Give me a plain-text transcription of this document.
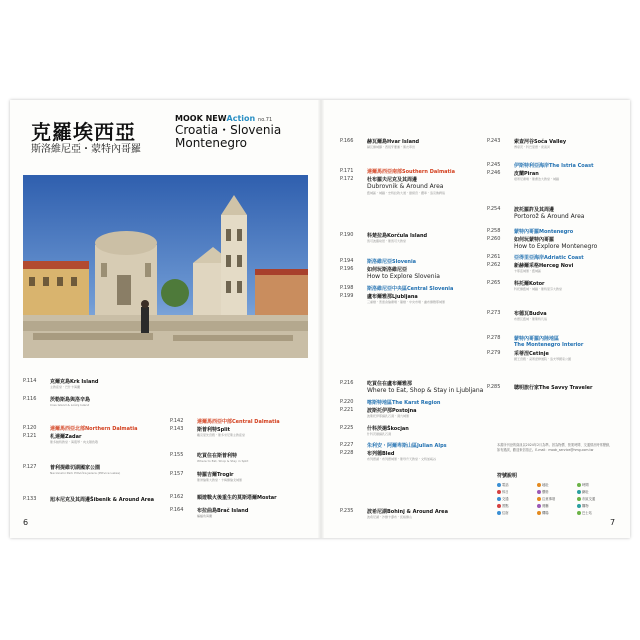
克羅埃西亞
斯洛維尼亞・蒙特內哥羅
MOOK NEWAction no.71
Croatia・Slovenia
Montenegro
P.114	克爾克島Krk Island
主教座堂・巴什卡海灘
P.116	茨勒斯島與洛辛島
Cres Island & Lošinj Island
P.120	達爾馬西亞北部Northern Dalmatia
P.121	札達爾Zadar
聖多納特教堂・海風琴・向太陽致敬
P.127	普利提維切湖國家公園
Nacionalni Park Plitvička Jezera (Plitvice Lakes)
P.133	旭本尼克及其周邊Šibenik & Around Area
P.142	達爾馬西亞中部Central Dalmatia
P.143	斯普利特Split
戴克里先宮殿・聖多米尼斯主教座堂
P.155	吃買住在斯普利特
Where to Eat, Shop & Stay in Split
P.157	特羅吉爾Trogir
聖勞倫斯大教堂・卡梅爾倫戈城堡
P.162	順遊戰火後重生的莫斯塔爾Mostar
P.164	布拉曲島Brač Island
蝙蝠角海灘
P.166	赫瓦爾島Hvar Island
赫瓦爾城鎮・西班牙要塞・薰衣草田
P.171	達爾馬西亞南部Southern Dalmatia
P.172	杜布羅夫尼克及其周邊
Dubrovnik & Around Area
舊城區・城牆・史特拉敦大道・總督宮・纜車・洛克魯姆島
P.190	科楚拉島Korčula Island
馬可波羅故居・聖馬可大教堂
P.194	斯洛維尼亞Slovenia
P.196	如何玩斯洛維尼亞
How to Explore Slovenia
P.198	斯洛維尼亞中央區Central Slovenia
P.199	盧布爾雅那Ljubljana
三重橋・普雷舍倫廣場・龍橋・中央市場・盧布爾雅那城堡
P.216	吃買住在盧布爾雅那
Where to Eat, Shop & Stay in Ljubljana
P.220	喀斯特地區The Karst Region
P.221	波斯托伊那Postojna
波斯托伊那鐘乳石洞・洞穴城堡
P.225	什科茨揚Škocjan
什科茨揚鐘乳石洞
P.227	朱利安・阿爾卑斯山區Julian Alps
P.228	布列德Bled
布列德湖・布列德城堡・聖母升天教堂・文特加峽谷
P.235	波希尼湖Bohinj & Around Area
波希尼湖・沙維卡瀑布・沃格爾山
P.243	索查河谷Soča Valley
博韋茨・科巴里德・索查河
P.245	伊斯特利亞海岸The Istria Coast
P.246	皮蘭Piran
塔蒂尼廣場・聖喬治大教堂・城牆
P.254	波托羅許及其周邊
Portorož & Around Area
P.258	蒙特內哥羅Montenegro
P.260	如何玩蒙特內哥羅
How to Explore Montenegro
P.261	亞得里亞海岸Adriatic Coast
P.262	新赫爾采格Herceg Novi
卡那茲城堡・舊城區
P.265	科托爾Kotor
科托爾舊城・城牆・聖特里芬大教堂
P.273	布德瓦Budva
布德瓦舊城・聖斯特凡島
P.278	蒙特內哥羅內陸地區
The Montenegro Interior
P.279	采蒂涅Cetinje
國王宮殿・采蒂涅修道院・洛夫琴國家公園
P.285	聰明旅行家The Savvy Traveler
本書所刊登的資訊以2024年2月為準。因為物價、營業時間、交通情況時常變動，如有錯誤，歡迎來信指正。E-mail：mook_service@hmg.com.tw
符號說明
電話	地址	時間
休日	價格	網址
交通	注意事項	市區交通
景點	餐廳	購物
住宿	機場	巴士站
6	7
